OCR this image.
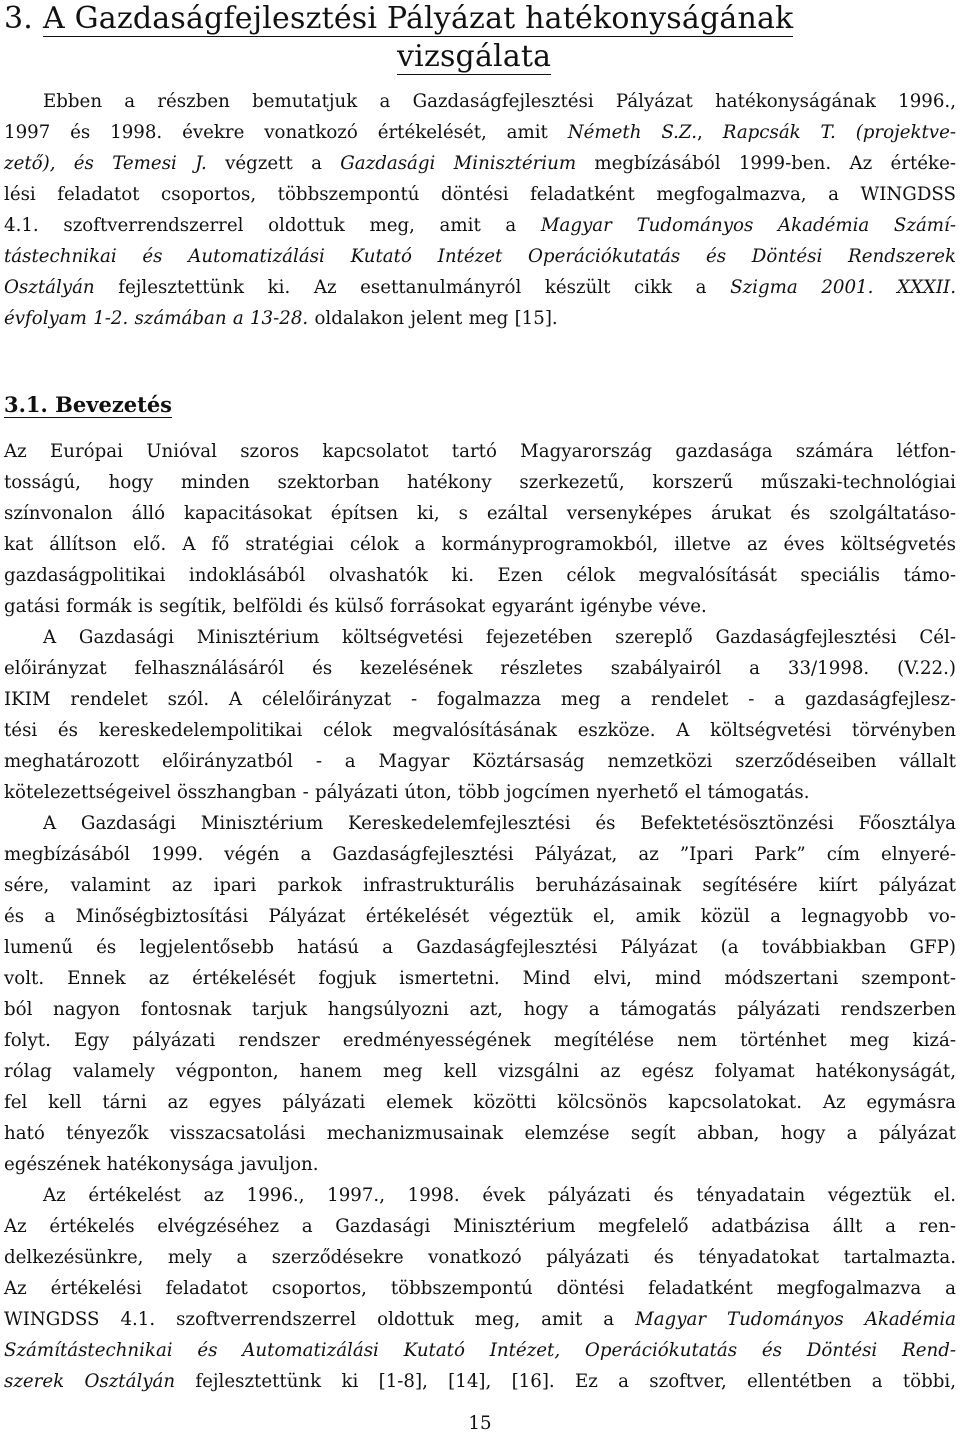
3. A Gazdaságfejlesztési Pályázat hatékonyságának
vizsgálata
Ebben a részben bemutatjuk a Gazdaságfejlesztési Pályázat hatékonyságának 1996.,
1997 és 1998. évekre vonatkozó értékelését, amit Németh S.Z., Rapcsák T. (projektve-
zető), és Temesi J. végzett a Gazdasági Minisztérium megbízásából 1999-ben. Az értéke-
lési feladatot csoportos, többszempontú döntési feladatként megfogalmazva, a WINGDSS
4.1. szoftverrendszerrel oldottuk meg, amit a Magyar Tudományos Akadémia Számí-
tástechnikai és Automatizálási Kutató Intézet Operációkutatás és Döntési Rendszerek
Osztályán fejlesztettünk ki. Az esettanulmányról készült cikk a Szigma 2001. XXXII.
évfolyam 1-2. számában a 13-28. oldalakon jelent meg [15].
3.1. Bevezetés
Az Európai Unióval szoros kapcsolatot tartó Magyarország gazdasága számára létfon-
tosságú, hogy minden szektorban hatékony szerkezetű, korszerű műszaki-technológiai
színvonalon álló kapacitásokat építsen ki, s ezáltal versenyképes árukat és szolgáltatáso-
kat állítson elő. A fő stratégiai célok a kormányprogramokból, illetve az éves költségvetés
gazdaságpolitikai indoklásából olvashatók ki. Ezen célok megvalósítását speciális támo-
gatási formák is segítik, belföldi és külső forrásokat egyaránt igénybe véve.
A Gazdasági Minisztérium költségvetési fejezetében szereplő Gazdaságfejlesztési Cél-
előirányzat felhasználásáról és kezelésének részletes szabályairól a 33/1998. (V.22.)
IKIM rendelet szól. A célelőirányzat - fogalmazza meg a rendelet - a gazdaságfejlesz-
tési és kereskedelempolitikai célok megvalósításának eszköze. A költségvetési törvényben
meghatározott előirányzatból - a Magyar Köztársaság nemzetközi szerződéseiben vállalt
kötelezettségeivel összhangban - pályázati úton, több jogcímen nyerhető el támogatás.
A Gazdasági Minisztérium Kereskedelemfejlesztési és Befektetésösztönzési Főosztálya
megbízásából 1999. végén a Gazdaságfejlesztési Pályázat, az ”Ipari Park” cím elnyeré-
sére, valamint az ipari parkok infrastrukturális beruházásainak segítésére kiírt pályázat
és a Minőségbiztosítási Pályázat értékelését végeztük el, amik közül a legnagyobb vo-
lumenű és legjelentősebb hatású a Gazdaságfejlesztési Pályázat (a továbbiakban GFP)
volt. Ennek az értékelését fogjuk ismertetni. Mind elvi, mind módszertani szempont-
ból nagyon fontosnak tarjuk hangsúlyozni azt, hogy a támogatás pályázati rendszerben
folyt. Egy pályázati rendszer eredményességének megítélése nem történhet meg kizá-
rólag valamely végponton, hanem meg kell vizsgálni az egész folyamat hatékonyságát,
fel kell tárni az egyes pályázati elemek közötti kölcsönös kapcsolatokat. Az egymásra
ható tényezők visszacsatolási mechanizmusainak elemzése segít abban, hogy a pályázat
egészének hatékonysága javuljon.
Az értékelést az 1996., 1997., 1998. évek pályázati és tényadatain végeztük el.
Az értékelés elvégzéséhez a Gazdasági Minisztérium megfelelő adatbázisa állt a ren-
delkezésünkre, mely a szerződésekre vonatkozó pályázati és tényadatokat tartalmazta.
Az értékelési feladatot csoportos, többszempontú döntési feladatként megfogalmazva a
WINGDSS 4.1. szoftverrendszerrel oldottuk meg, amit a Magyar Tudományos Akadémia
Számítástechnikai és Automatizálási Kutató Intézet, Operációkutatás és Döntési Rend-
szerek Osztályán fejlesztettünk ki [1-8], [14], [16]. Ez a szoftver, ellentétben a többi,
15
